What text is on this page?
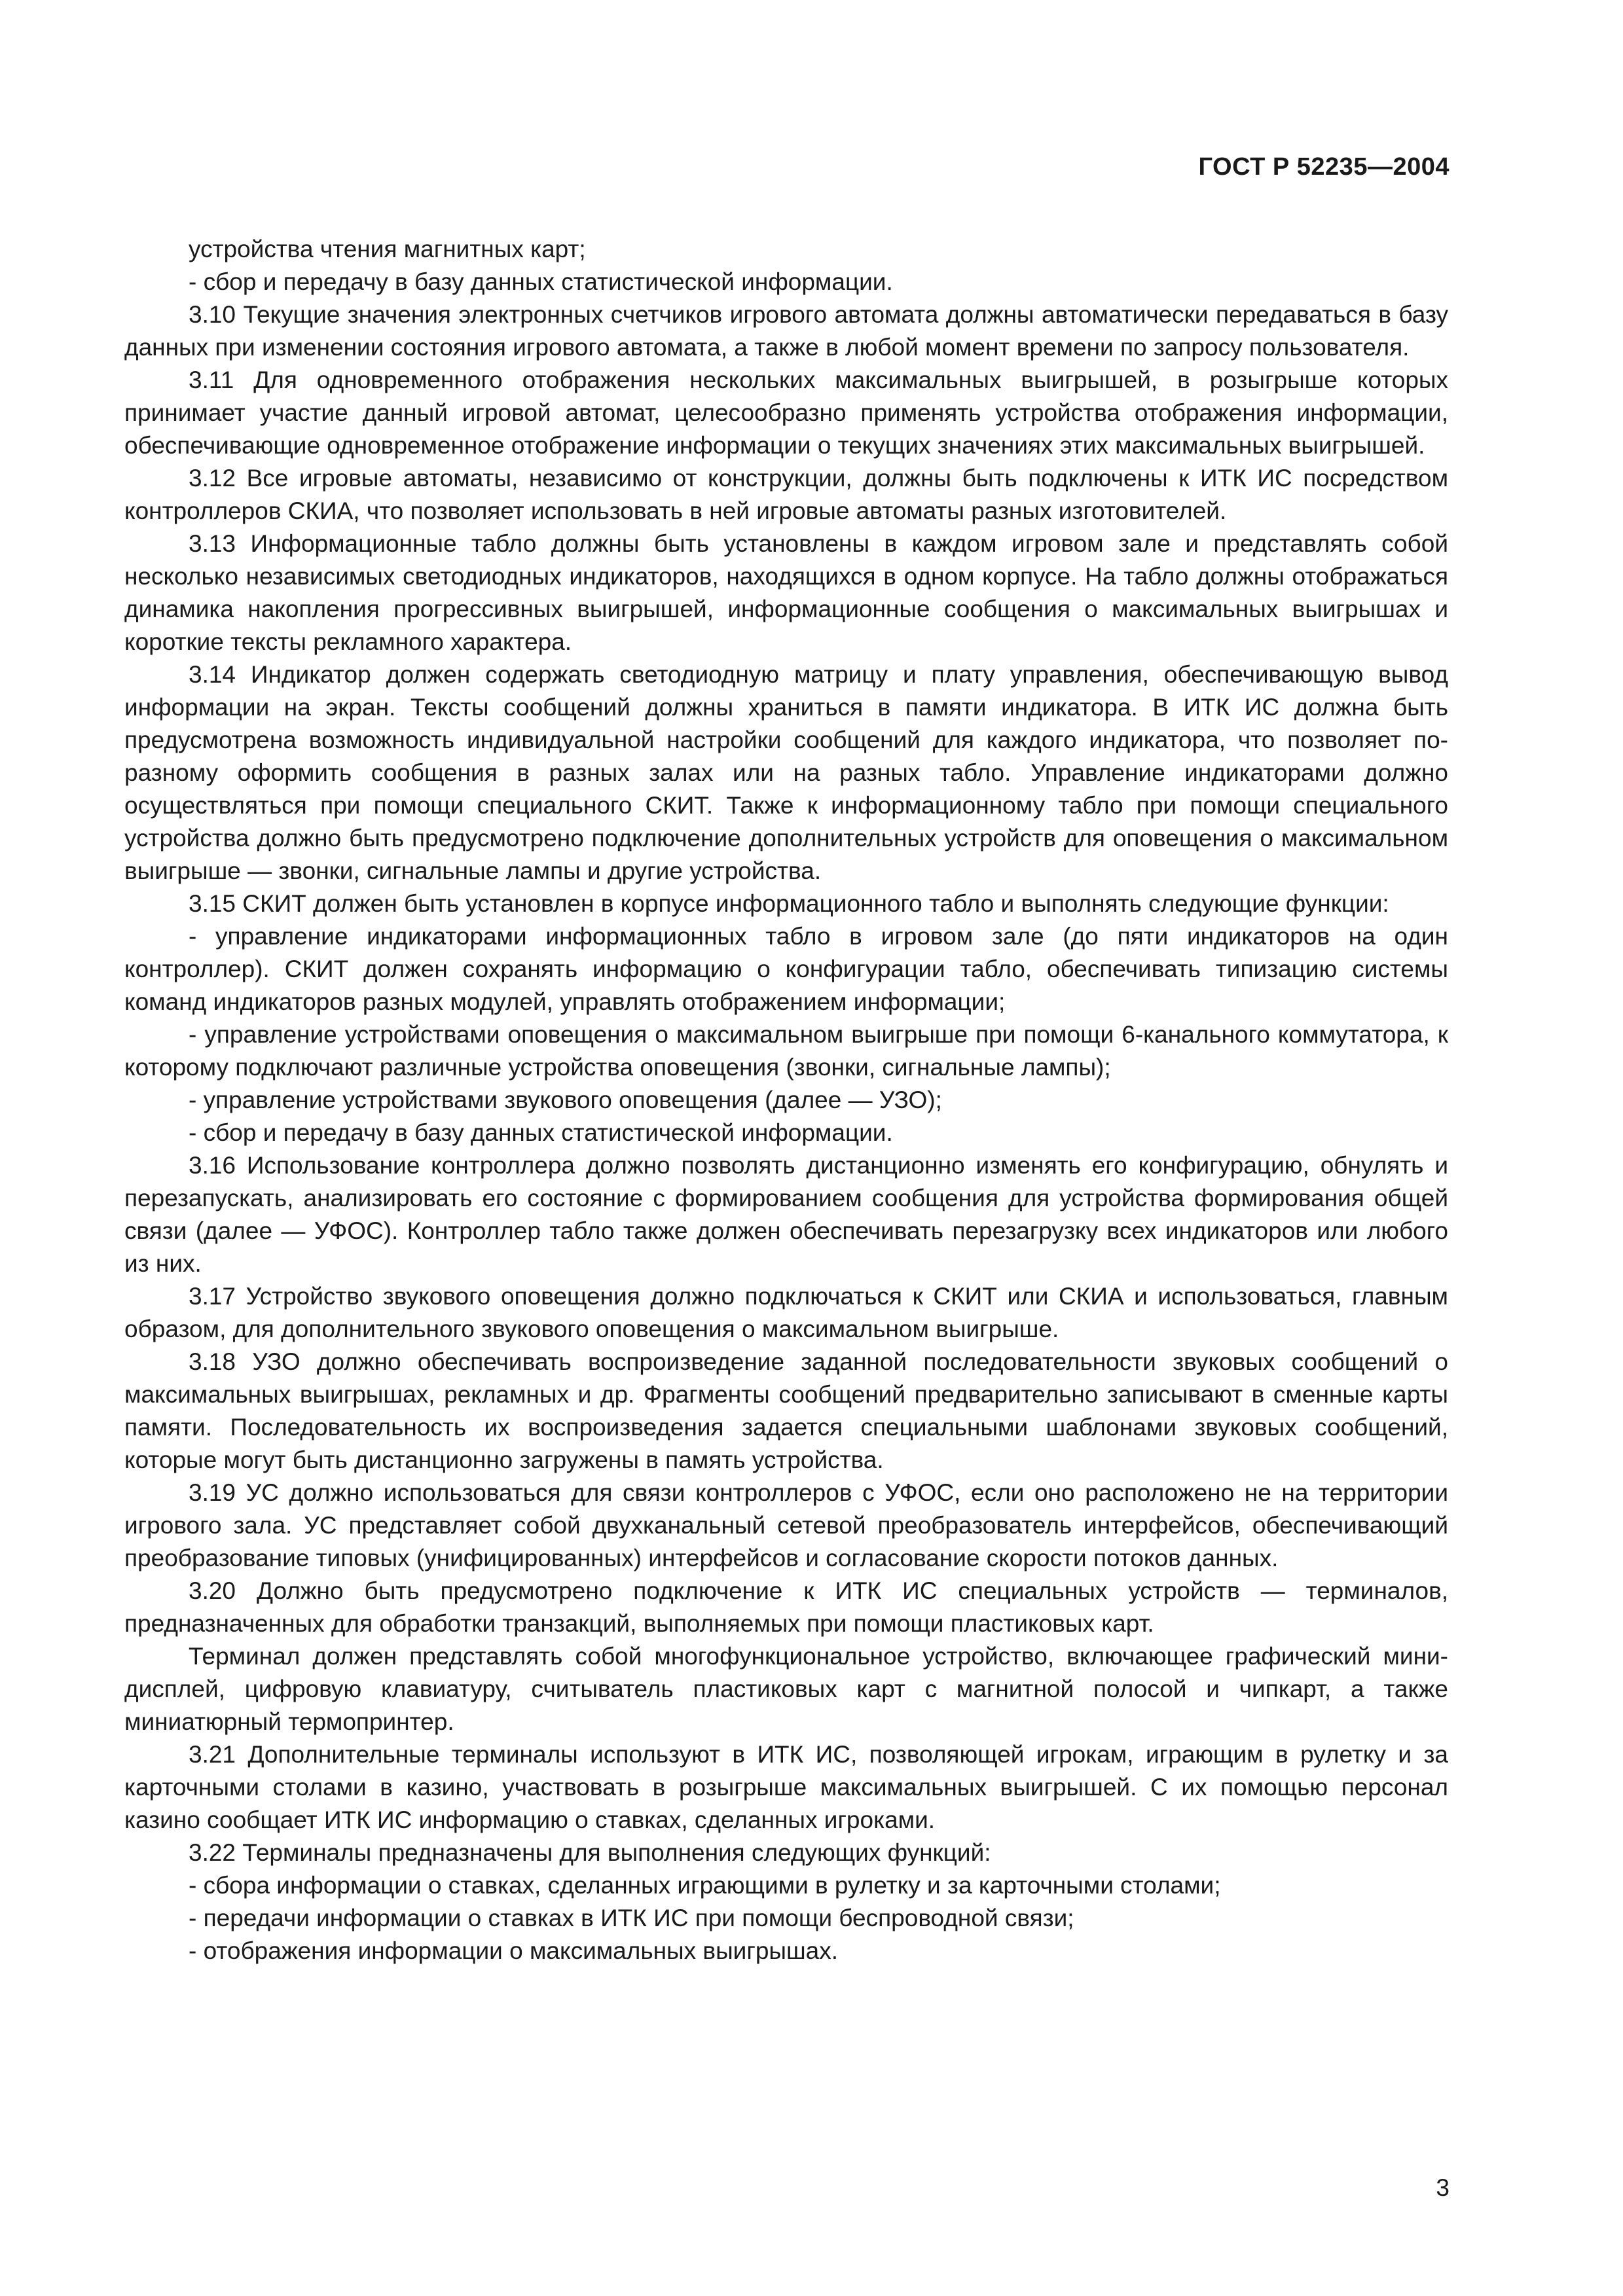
ГОСТ Р 52235—2004

устройства чтения магнитных карт;

- сбор и передачу в базу данных статистической информации.

3.10 Текущие значения электронных счетчиков игрового автомата должны автоматически передаваться в базу данных при изменении состояния игрового автомата, а также в любой момент времени по запросу пользователя.

3.11 Для одновременного отображения нескольких максимальных выигрышей, в розыгрыше которых принимает участие данный игровой автомат, целесообразно применять устройства отображения информации, обеспечивающие одновременное отображение информации о текущих значениях этих максимальных выигрышей.

3.12 Все игровые автоматы, независимо от конструкции, должны быть подключены к ИТК ИС посредством контроллеров СКИА, что позволяет использовать в ней игровые автоматы разных изготовителей.

3.13 Информационные табло должны быть установлены в каждом игровом зале и представлять собой несколько независимых светодиодных индикаторов, находящихся в одном корпусе. На табло должны отображаться динамика накопления прогрессивных выигрышей, информационные сообщения о максимальных выигрышах и короткие тексты рекламного характера.

3.14 Индикатор должен содержать светодиодную матрицу и плату управления, обеспечивающую вывод информации на экран. Тексты сообщений должны храниться в памяти индикатора. В ИТК ИС должна быть предусмотрена возможность индивидуальной настройки сообщений для каждого индикатора, что позволяет по-разному оформить сообщения в разных залах или на разных табло. Управление индикаторами должно осуществляться при помощи специального СКИТ. Также к информационному табло при помощи специального устройства должно быть предусмотрено подключение дополнительных устройств для оповещения о максимальном выигрыше — звонки, сигнальные лампы и другие устройства.

3.15 СКИТ должен быть установлен в корпусе информационного табло и выполнять следующие функции:

- управление индикаторами информационных табло в игровом зале (до пяти индикаторов на один контроллер). СКИТ должен сохранять информацию о конфигурации табло, обеспечивать типизацию системы команд индикаторов разных модулей, управлять отображением информации;

- управление устройствами оповещения о максимальном выигрыше при помощи 6-канального коммутатора, к которому подключают различные устройства оповещения (звонки, сигнальные лампы);

- управление устройствами звукового оповещения (далее — УЗО);

- сбор и передачу в базу данных статистической информации.

3.16 Использование контроллера должно позволять дистанционно изменять его конфигурацию, обнулять и перезапускать, анализировать его состояние с формированием сообщения для устройства формирования общей связи (далее — УФОС). Контроллер табло также должен обеспечивать перезагрузку всех индикаторов или любого из них.

3.17 Устройство звукового оповещения должно подключаться к СКИТ или СКИА и использоваться, главным образом, для дополнительного звукового оповещения о максимальном выигрыше.

3.18 УЗО должно обеспечивать воспроизведение заданной последовательности звуковых сообщений о максимальных выигрышах, рекламных и др. Фрагменты сообщений предварительно записывают в сменные карты памяти. Последовательность их воспроизведения задается специальными шаблонами звуковых сообщений, которые могут быть дистанционно загружены в память устройства.

3.19 УС должно использоваться для связи контроллеров с УФОС, если оно расположено не на территории игрового зала. УС представляет собой двухканальный сетевой преобразователь интерфейсов, обеспечивающий преобразование типовых (унифицированных) интерфейсов и согласование скорости потоков данных.

3.20 Должно быть предусмотрено подключение к ИТК ИС специальных устройств — терминалов, предназначенных для обработки транзакций, выполняемых при помощи пластиковых карт.

Терминал должен представлять собой многофункциональное устройство, включающее графический мини-дисплей, цифровую клавиатуру, считыватель пластиковых карт с магнитной полосой и чипкарт, а также миниатюрный термопринтер.

3.21 Дополнительные терминалы используют в ИТК ИС, позволяющей игрокам, играющим в рулетку и за карточными столами в казино, участвовать в розыгрыше максимальных выигрышей. С их помощью персонал казино сообщает ИТК ИС информацию о ставках, сделанных игроками.

3.22 Терминалы предназначены для выполнения следующих функций:

- сбора информации о ставках, сделанных играющими в рулетку и за карточными столами;

- передачи информации о ставках в ИТК ИС при помощи беспроводной связи;

- отображения информации о максимальных выигрышах.

3
